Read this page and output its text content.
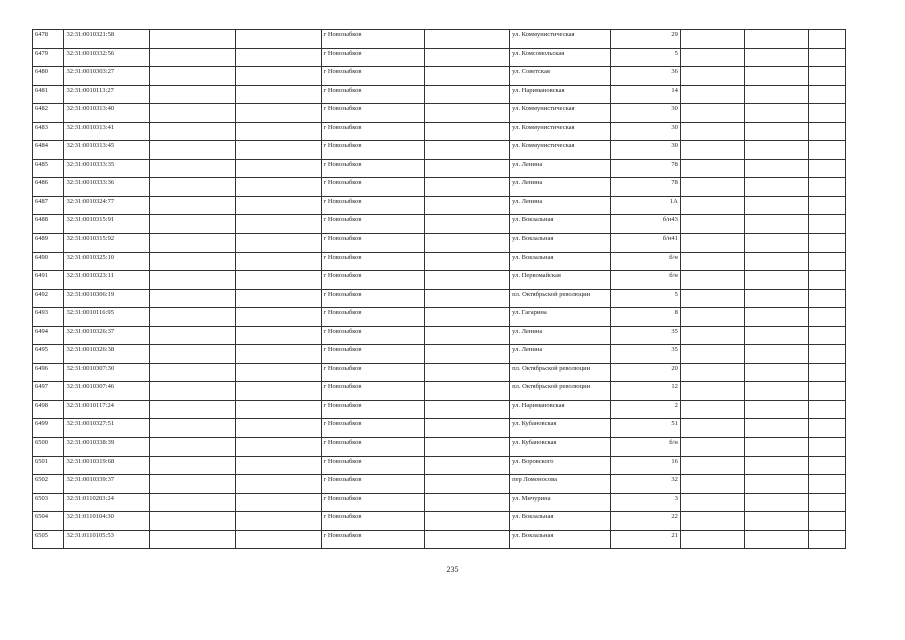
6478	32:31:0010321:58			г Новозыбков		ул. Коммунистическая	29			
6479	32:31:0010332:56			г Новозыбков		ул. Комсомольская	5			
6480	32:31:0010303:27			г Новозыбков		ул. Советская	36			
6481	32:31:0010113:27			г Новозыбков		ул. Наримановская	14			
6482	32:31:0010313:40			г Новозыбков		ул. Коммунистическая	30			
6483	32:31:0010313:41			г Новозыбков		ул. Коммунистическая	30			
6484	32:31:0010313:45			г Новозыбков		ул. Коммунистическая	30			
6485	32:31:0010333:35			г Новозыбков		ул. Ленина	78			
6486	32:31:0010333:36			г Новозыбков		ул. Ленина	78			
6487	32:31:0010324:77			г Новозыбков		ул. Ленина	1А			
6488	32:31:0010315:91			г Новозыбков		ул. Вокзальная	б/н43			
6489	32:31:0010315:92			г Новозыбков		ул. Вокзальная	б/н41			
6490	32:31:0010325:10			г Новозыбков		ул. Вокзальная	б/н			
6491	32:31:0010323:11			г Новозыбков		ул. Первомайская	б/н			
6492	32:31:0010306:19			г Новозыбков		пл. Октябрьской революции	5			
6493	32:31:0010116:95			г Новозыбков		ул. Гагарина	8			
6494	32:31:0010326:37			г Новозыбков		ул. Ленина	35			
6495	32:31:0010326:38			г Новозыбков		ул. Ленина	35			
6496	32:31:0010307:30			г Новозыбков		пл. Октябрьской революции	20			
6497	32:31:0010307:46			г Новозыбков		пл. Октябрьской революции	12			
6498	32:31:0010117:24			г Новозыбков		ул. Наримановская	2			
6499	32:31:0010327:51			г Новозыбков		ул. Кубановская	51			
6500	32:31:0010338:39			г Новозыбков		ул. Кубановская	б/н			
6501	32:31:0010319:68			г Новозыбков		ул. Воровского	16			
6502	32:31:0010339:37			г Новозыбков		пер Ломоносова	32			
6503	32:31:0110203:24			г Новозыбков		ул. Мичурина	3			
6504	32:31:0110104:30			г Новозыбков		ул. Вокзальная	22			
6505	32:31:0110105:53			г Новозыбков		ул. Вокзальная	21			
235
